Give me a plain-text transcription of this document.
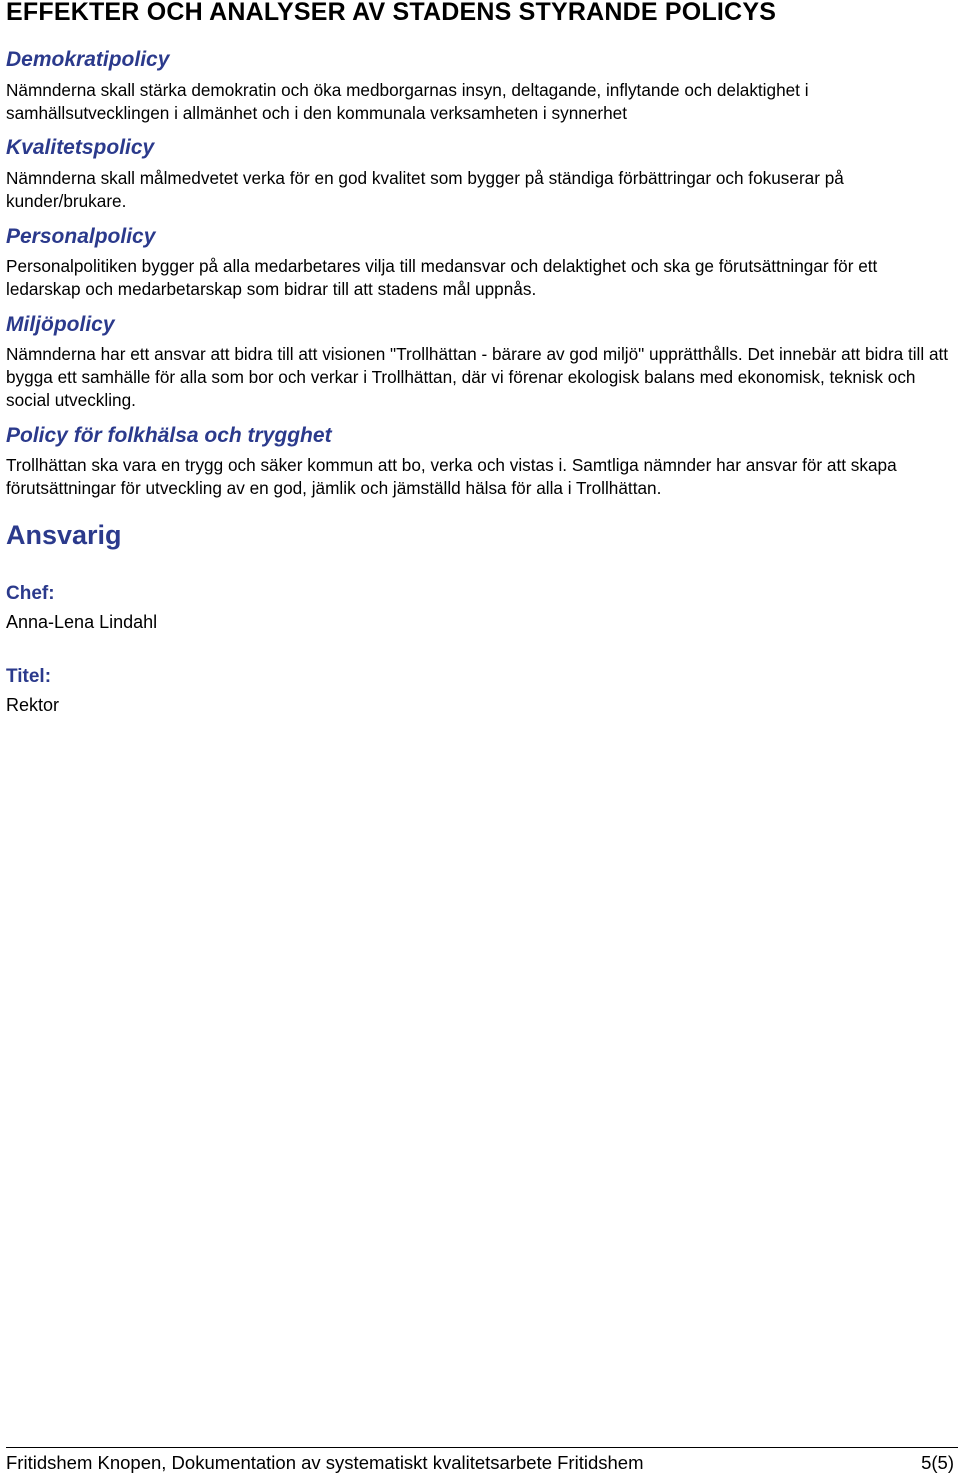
EFFEKTER OCH ANALYSER AV STADENS STYRANDE POLICYS
Demokratipolicy

Nämnderna skall stärka demokratin och öka medborgarnas insyn, deltagande, inflytande och delaktighet i samhällsutvecklingen i allmänhet och i den kommunala verksamheten i synnerhet

Kvalitetspolicy

Nämnderna skall målmedvetet verka för en god kvalitet som bygger på ständiga förbättringar och fokuserar på kunder/brukare.

Personalpolicy

Personalpolitiken bygger på alla medarbetares vilja till medansvar och delaktighet och ska ge förutsättningar för ett ledarskap och medarbetarskap som bidrar till att stadens mål uppnås.

Miljöpolicy

Nämnderna har ett ansvar att bidra till att visionen "Trollhättan - bärare av god miljö" upprätthålls. Det innebär att bidra till att bygga ett samhälle för alla som bor och verkar i Trollhättan, där vi förenar ekologisk balans med ekonomisk, teknisk och social utveckling.

Policy för folkhälsa och trygghet

Trollhättan ska vara en trygg och säker kommun att bo, verka och vistas i. Samtliga nämnder har ansvar för att skapa förutsättningar för utveckling av en god, jämlik och jämställd hälsa för alla i Trollhättan.

Ansvarig
Chef:
Anna-Lena Lindahl
Titel:
Rektor
Fritidshem Knopen, Dokumentation av systematiskt kvalitetsarbete Fritidshem	5(5)
